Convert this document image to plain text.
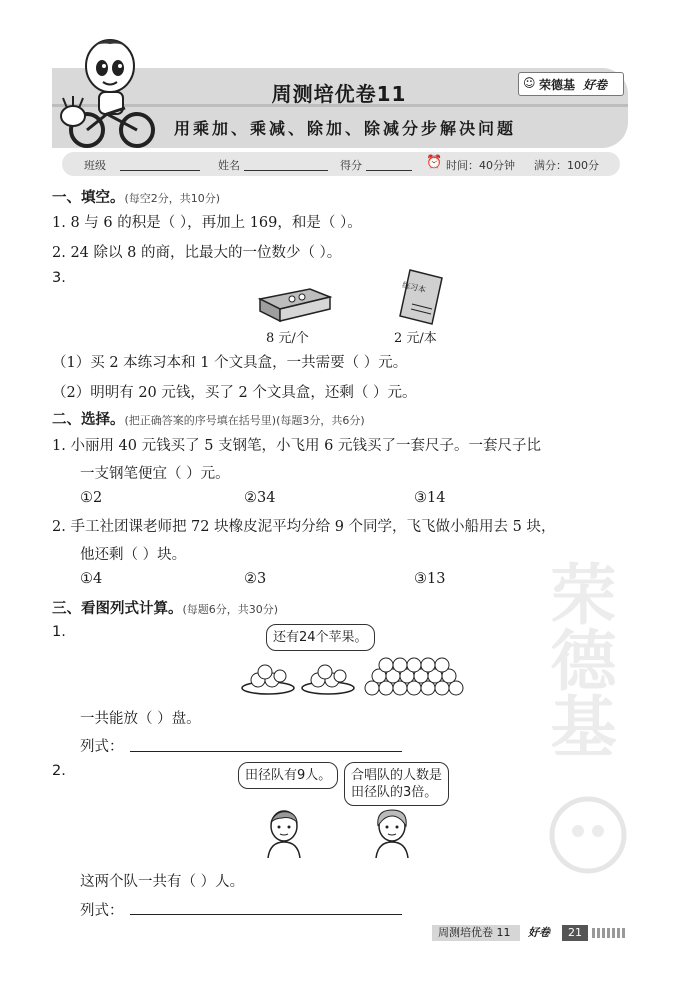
荣德基
周测培优卷11
用乘加、乘减、除加、除减分步解决问题
☺ 荣德基 好卷
班级	姓名	得分	⏰ 时间：40分钟 满分：100分
一、填空。(每空2分，共10分)
1. 8 与 6 的积是（ ），再加上 169，和是（ ）。
2. 24 除以 8 的商，比最大的一位数少（ ）。
3.
练习本
8 元/个	2 元/本
（1）买 2 本练习本和 1 个文具盒，一共需要（ ）元。
（2）明明有 20 元钱，买了 2 个文具盒，还剩（ ）元。
二、选择。(把正确答案的序号填在括号里)(每题3分，共6分)
1. 小丽用 40 元钱买了 5 支钢笔，小飞用 6 元钱买了一套尺子。一套尺子比
一支钢笔便宜（ ）元。
①2	②34	③14
2. 手工社团课老师把 72 块橡皮泥平均分给 9 个同学，飞飞做小船用去 5 块，
他还剩（ ）块。
①4	②3	③13
三、看图列式计算。(每题6分，共30分)
1.	还有24个苹果。
一共能放（ ）盘。
列式：
2.	田径队有9人。	合唱队的人数是
田径队的3倍。
这两个队一共有（ ）人。
列式：
周测培优卷 11	好卷	21
